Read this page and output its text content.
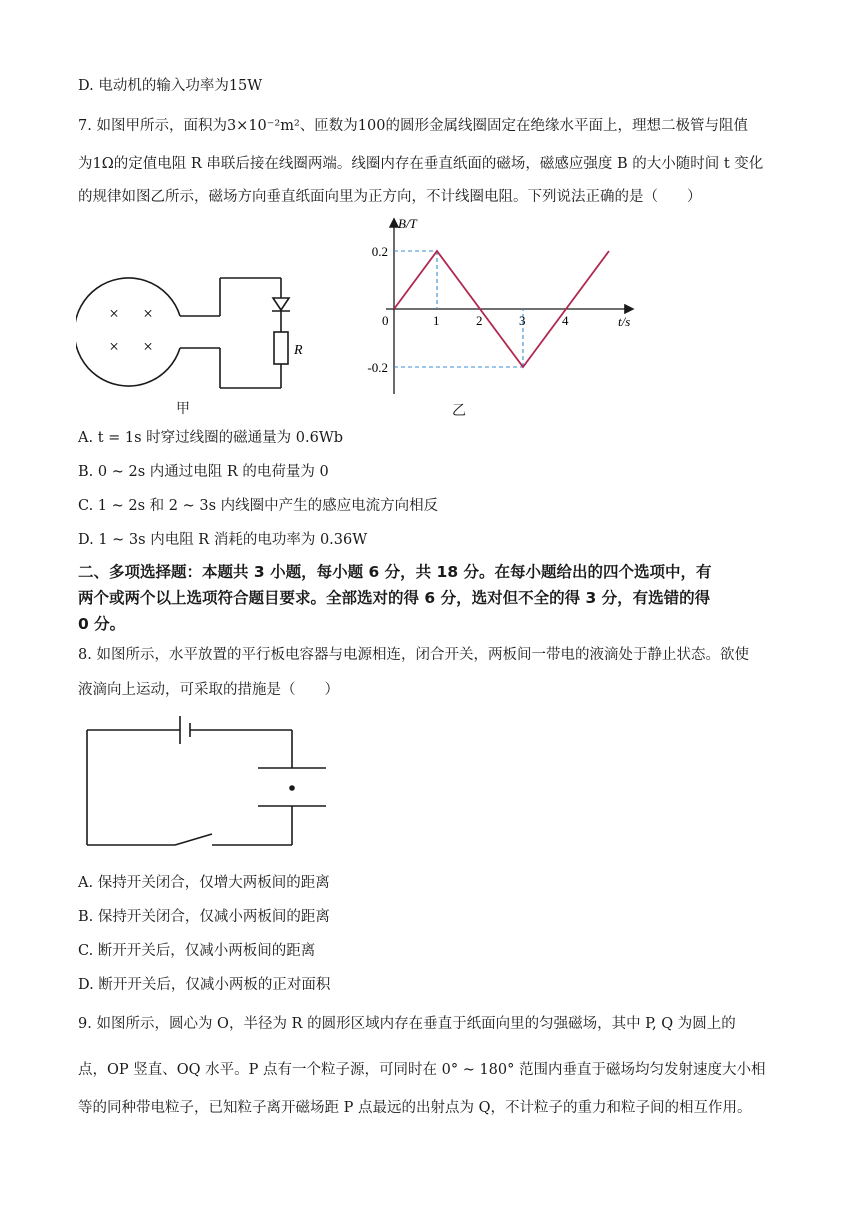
D. 电动机的输入功率为15W
7. 如图甲所示，面积为3×10⁻²m²、匝数为100的圆形金属线圈固定在绝缘水平面上，理想二极管与阻值
为1Ω的定值电阻 R 串联后接在线圈两端。线圈内存在垂直纸面的磁场，磁感应强度 B 的大小随时间 t 变化
的规律如图乙所示，磁场方向垂直纸面向里为正方向，不计线圈电阻。下列说法正确的是（　　）
× ×
× ×	R
甲
B/T
t/s
0	1	2	3	4
0.2
-0.2
乙
A. t = 1s 时穿过线圈的磁通量为 0.6Wb
B. 0 ~ 2s 内通过电阻 R 的电荷量为 0
C. 1 ~ 2s 和 2 ~ 3s 内线圈中产生的感应电流方向相反
D. 1 ~ 3s 内电阻 R 消耗的电功率为 0.36W
二、多项选择题：本题共 3 小题，每小题 6 分，共 18 分。在每小题给出的四个选项中，有
两个或两个以上选项符合题目要求。全部选对的得 6 分，选对但不全的得 3 分，有选错的得
0 分。
8. 如图所示，水平放置的平行板电容器与电源相连，闭合开关，两板间一带电的液滴处于静止状态。欲使
液滴向上运动，可采取的措施是（　　）
A. 保持开关闭合，仅增大两板间的距离
B. 保持开关闭合，仅减小两板间的距离
C. 断开开关后，仅减小两板间的距离
D. 断开开关后，仅减小两板的正对面积
9. 如图所示，圆心为 O，半径为 R 的圆形区域内存在垂直于纸面向里的匀强磁场，其中 P, Q 为圆上的
点，OP 竖直、OQ 水平。P 点有一个粒子源，可同时在 0° ~ 180° 范围内垂直于磁场均匀发射速度大小相
等的同种带电粒子，已知粒子离开磁场距 P 点最远的出射点为 Q，不计粒子的重力和粒子间的相互作用。
